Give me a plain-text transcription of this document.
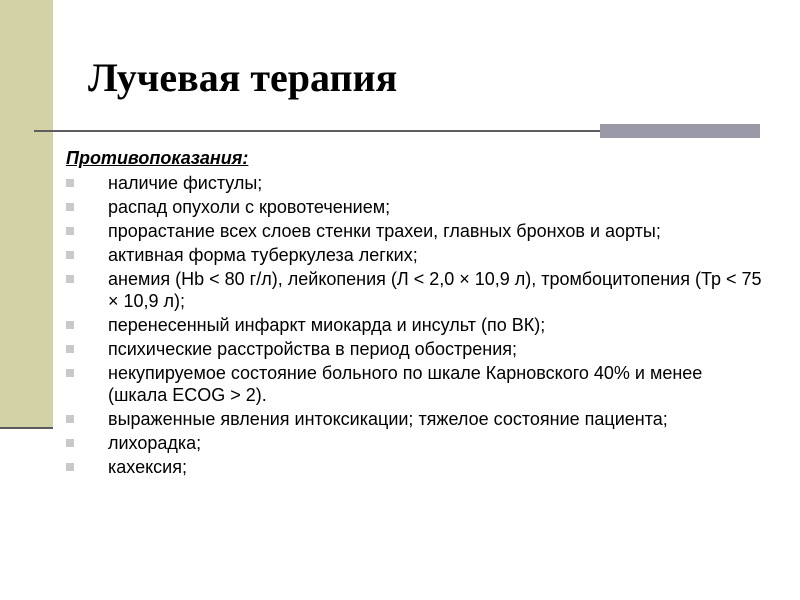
Лучевая терапия

Противопоказания:

наличие фистулы;
распад опухоли с кровотечением;
прорастание всех слоев стенки трахеи, главных бронхов и аорты;
активная форма туберкулеза легких;
анемия (Hb < 80 г/л), лейкопения (Л < 2,0 × 10,9 л), тромбоцитопения (Тр < 75 × 10,9 л);
перенесенный инфаркт миокарда и инсульт (по ВК);
психические расстройства в период обострения;
некупируемое состояние больного по шкале Карновского 40% и менее (шкала ECOG > 2).
выраженные явления интоксикации; тяжелое состояние пациента;
лихорадка;
кахексия;
